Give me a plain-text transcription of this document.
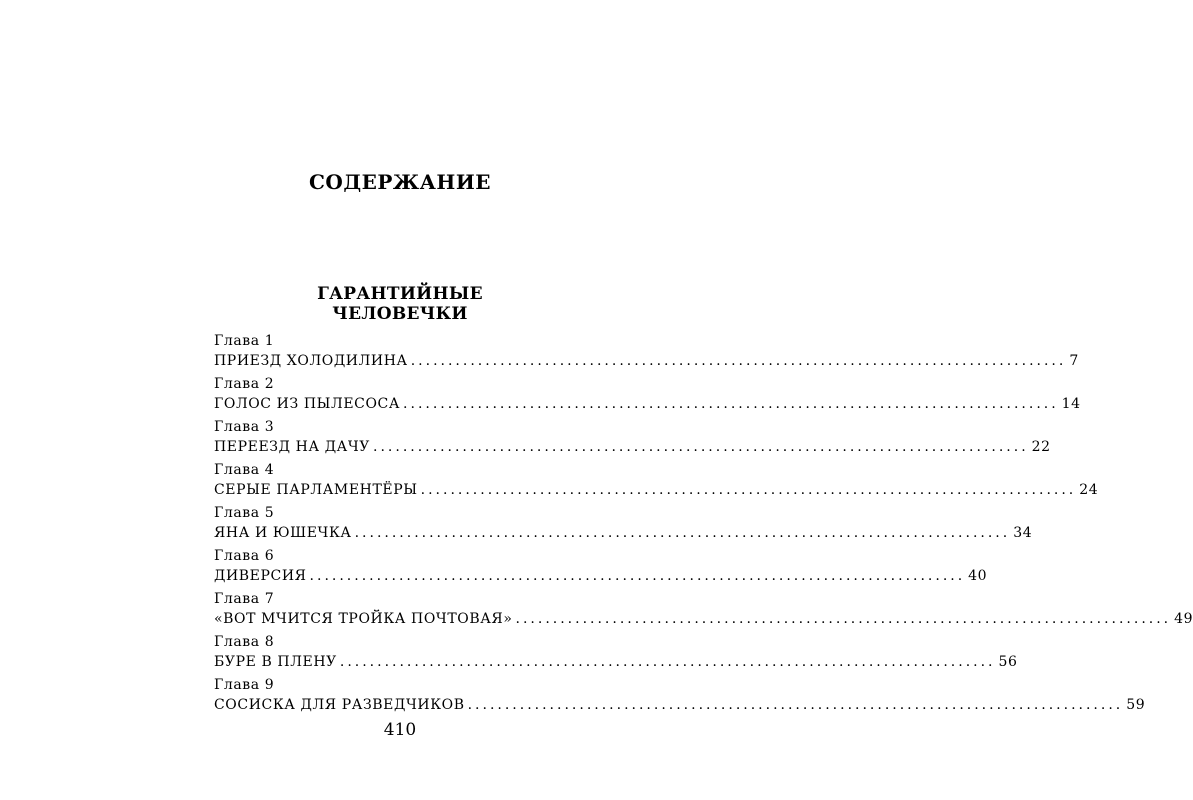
СОДЕРЖАНИЕ
ГАРАНТИЙНЫЕ
ЧЕЛОВЕЧКИ
Глава 1
ПРИЕЗД ХОЛОДИЛИНА ........................................................................................ 7
Глава 2
ГОЛОС ИЗ ПЫЛЕСОСА ........................................................................................ 14
Глава 3
ПЕРЕЕЗД НА ДАЧУ ........................................................................................ 22
Глава 4
СЕРЫЕ ПАРЛАМЕНТЁРЫ ........................................................................................ 24
Глава 5
ЯНА И ЮШЕЧКА ........................................................................................ 34
Глава 6
ДИВЕРСИЯ ........................................................................................ 40
Глава 7
«ВОТ МЧИТСЯ ТРОЙКА ПОЧТОВАЯ» ........................................................................................ 49
Глава 8
БУРЕ В ПЛЕНУ ........................................................................................ 56
Глава 9
СОСИСКА ДЛЯ РАЗВЕДЧИКОВ ........................................................................................ 59
410
